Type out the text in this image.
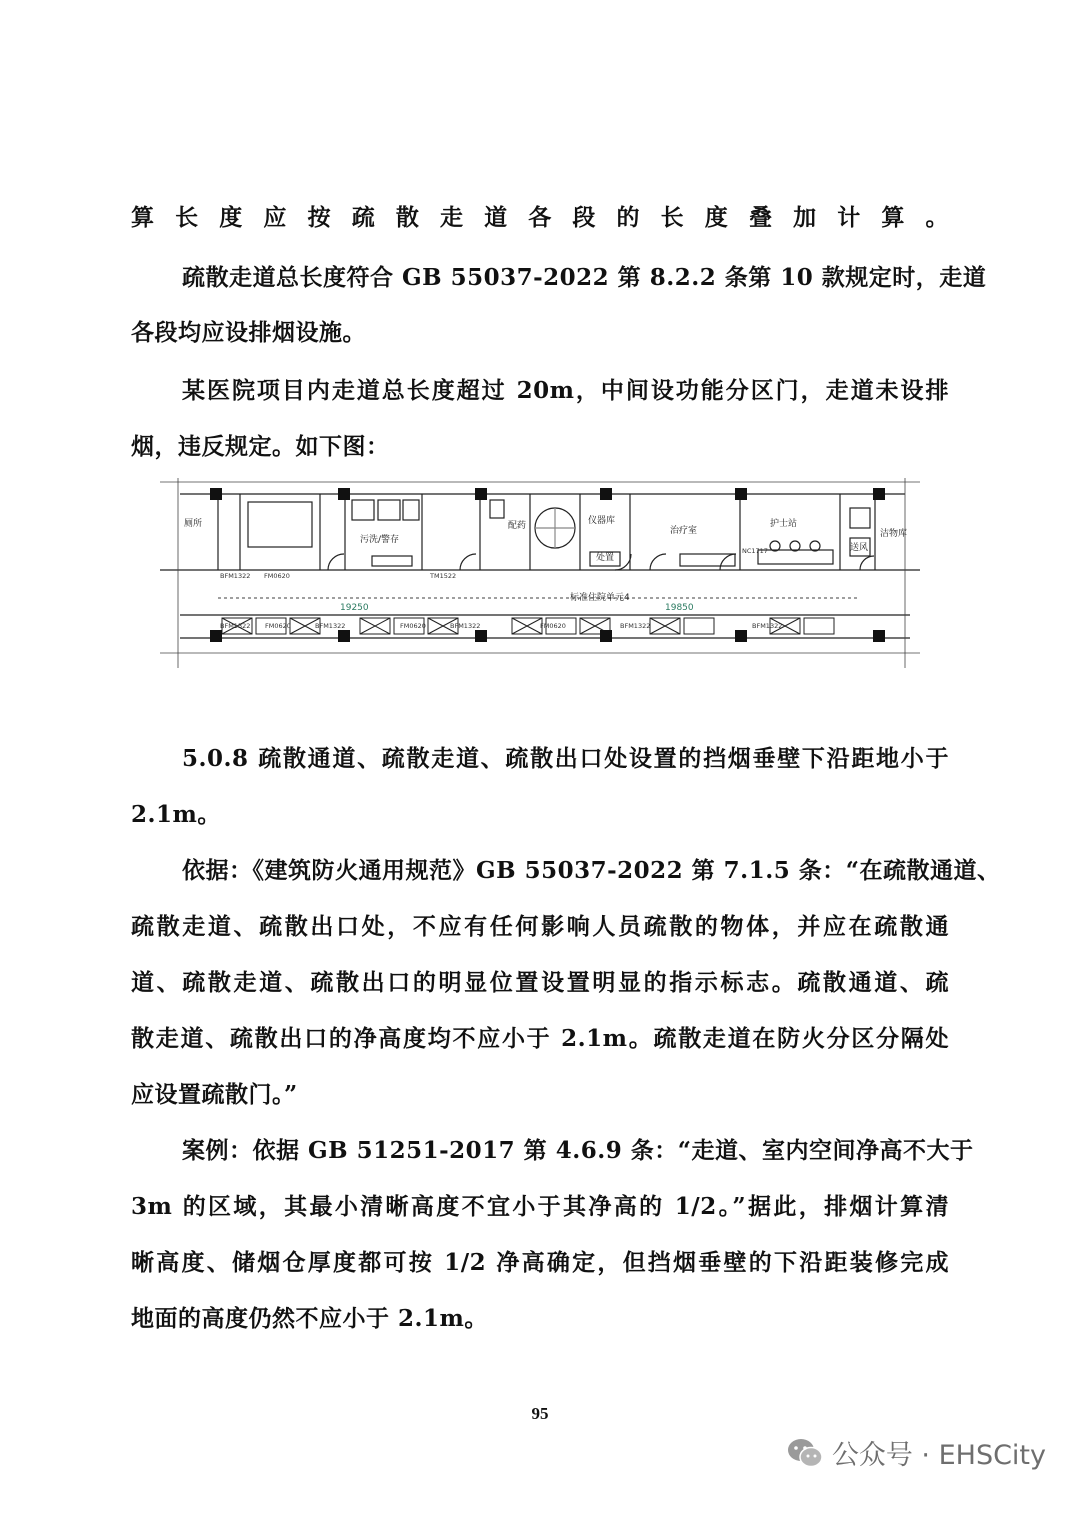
算长度应按疏散走道各段的长度叠加计算。
疏散走道总长度符合 GB 55037-2022 第 8.2.2 条第 10 款规定时，走道
各段均应设排烟设施。
某医院项目内走道总长度超过 20m，中间设功能分区门，走道未设排
烟，违反规定。如下图：
厕所
污洗/警存
配药	仪器库
治疗室
护士站
处置
洁物库
送风
标准住院单元4
19250	19850
BFM1322 FM0620
FM0620
BFM1322	FM0620
BFM1322	FM0620
BFM1322	BFM1322	BFM1322
NC1717
TM1522
5.0.8 疏散通道、疏散走道、疏散出口处设置的挡烟垂壁下沿距地小于
2.1m。
依据：《建筑防火通用规范》GB 55037-2022 第 7.1.5 条：“在疏散通道、
疏散走道、疏散出口处，不应有任何影响人员疏散的物体，并应在疏散通
道、疏散走道、疏散出口的明显位置设置明显的指示标志。疏散通道、疏
散走道、疏散出口的净高度均不应小于 2.1m。疏散走道在防火分区分隔处
应设置疏散门。”
案例：依据 GB 51251-2017 第 4.6.9 条：“走道、室内空间净高不大于
3m 的区域，其最小清晰高度不宜小于其净高的 1/2。”据此，排烟计算清
晰高度、储烟仓厚度都可按 1/2 净高确定，但挡烟垂壁的下沿距装修完成
地面的高度仍然不应小于 2.1m。
95
公众号 · EHSCity
